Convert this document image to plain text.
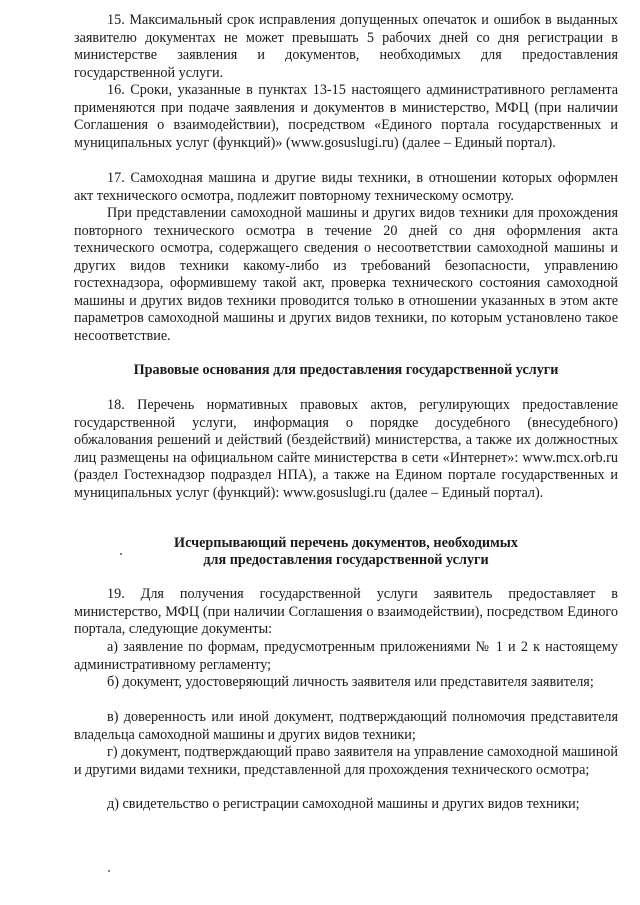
15. Максимальный срок исправления допущенных опечаток и ошибок в выданных заявителю документах не может превышать 5 рабочих дней со дня регистрации в министерстве заявления и документов, необходимых для предоставления государственной услуги.

16. Сроки, указанные в пунктах 13-15 настоящего административного регламента применяются при подаче заявления и документов в министерство, МФЦ (при наличии Соглашения о взаимодействии), посредством «Единого портала государственных и муниципальных услуг (функций)» (www.gosuslugi.ru) (далее – Единый портал).

17. Самоходная машина и другие виды техники, в отношении которых оформлен акт технического осмотра, подлежит повторному техническому осмотру.

При представлении самоходной машины и других видов техники для прохождения повторного технического осмотра в течение 20 дней со дня оформления акта технического осмотра, содержащего сведения о несоответствии самоходной машины и других видов техники какому-либо из требований безопасности, управлению гостехнадзора, оформившему такой акт, проверка технического состояния самоходной машины и других видов техники проводится только в отношении указанных в этом акте параметров самоходной машины и других видов техники, по которым установлено такое несоответствие.

Правовые основания для предоставления государственной услуги

18. Перечень нормативных правовых актов, регулирующих предоставление государственной услуги, информация о порядке досудебного (внесудебного) обжалования решений и действий (бездействий) министерства, а также их должностных лиц размещены на официальном сайте министерства в сети «Интернет»: www.mcx.orb.ru (раздел Гостехнадзор подраздел НПА), а также на Едином портале государственных и муниципальных услуг (функций): www.gosuslugi.ru (далее – Единый портал).

Исчерпывающий перечень документов, необходимых
для предоставления государственной услуги

19. Для получения государственной услуги заявитель предоставляет в министерство, МФЦ (при наличии Соглашения о взаимодействии), посредством Единого портала, следующие документы:

а) заявление по формам, предусмотренным приложениями № 1 и 2 к настоящему административному регламенту;

б) документ, удостоверяющий личность заявителя или представителя заявителя;

в) доверенность или иной документ, подтверждающий полномочия представителя владельца самоходной машины и других видов техники;

г) документ, подтверждающий право заявителя на управление самоходной машиной и другими видами техники, представленной для прохождения технического осмотра;

д) свидетельство о регистрации самоходной машины и других видов техники;
